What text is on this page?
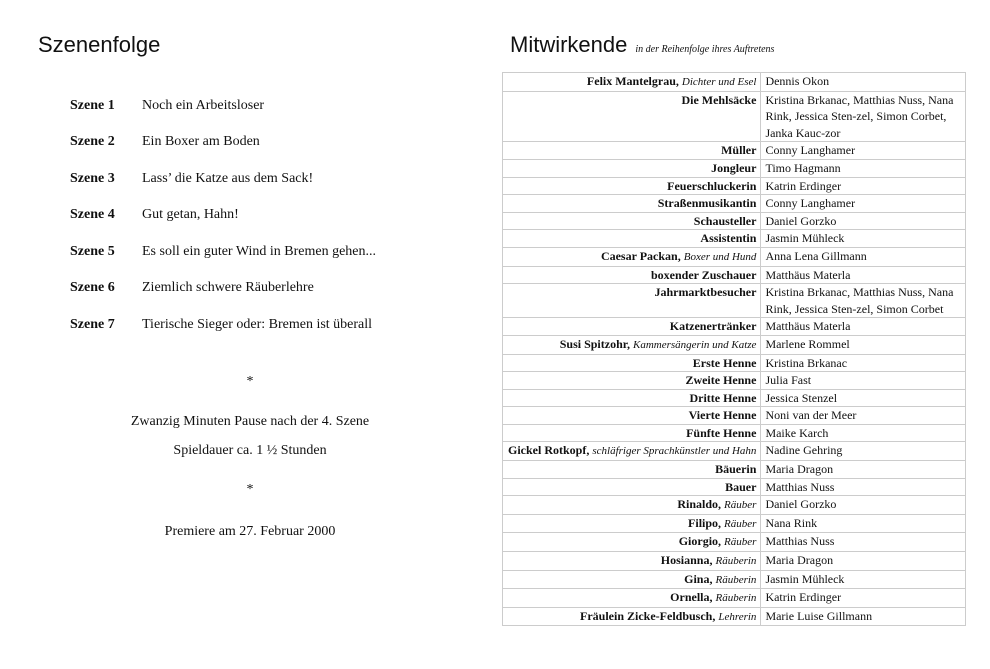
Szenenfolge
Szene 1 Noch ein Arbeitsloser
Szene 2 Ein Boxer am Boden
Szene 3 Lass’ die Katze aus dem Sack!
Szene 4 Gut getan, Hahn!
Szene 5 Es soll ein guter Wind in Bremen gehen...
Szene 6 Ziemlich schwere Räuberlehre
Szene 7 Tierische Sieger oder: Bremen ist überall
*
Zwanzig Minuten Pause nach der 4. Szene
Spieldauer ca. 1 ½ Stunden
*
Premiere am 27. Februar 2000
Mitwirkende in der Reihenfolge ihres Auftretens
Felix Mantelgrau, Dichter und Esel	Dennis Okon
Die Mehlsäcke	Kristina Brkanac, Matthias Nuss, Nana Rink, Jessica Sten-zel, Simon Corbet, Janka Kauc-zor
Müller	Conny Langhamer
Jongleur	Timo Hagmann
Feuerschluckerin	Katrin Erdinger
Straßenmusikantin	Conny Langhamer
Schausteller	Daniel Gorzko
Assistentin	Jasmin Mühleck
Caesar Packan, Boxer und Hund	Anna Lena Gillmann
boxender Zuschauer	Matthäus Materla
Jahrmarktbesucher	Kristina Brkanac, Matthias Nuss, Nana Rink, Jessica Sten-zel, Simon Corbet
Katzenertränker	Matthäus Materla
Susi Spitzohr, Kammersängerin und Katze	Marlene Rommel
Erste Henne	Kristina Brkanac
Zweite Henne	Julia Fast
Dritte Henne	Jessica Stenzel
Vierte Henne	Noni van der Meer
Fünfte Henne	Maike Karch
Gickel Rotkopf, schläfriger Sprachkünstler und Hahn	Nadine Gehring
Bäuerin	Maria Dragon
Bauer	Matthias Nuss
Rinaldo, Räuber	Daniel Gorzko
Filipo, Räuber	Nana Rink
Giorgio, Räuber	Matthias Nuss
Hosianna, Räuberin	Maria Dragon
Gina, Räuberin	Jasmin Mühleck
Ornella, Räuberin	Katrin Erdinger
Fräulein Zicke-Feldbusch, Lehrerin	Marie Luise Gillmann
